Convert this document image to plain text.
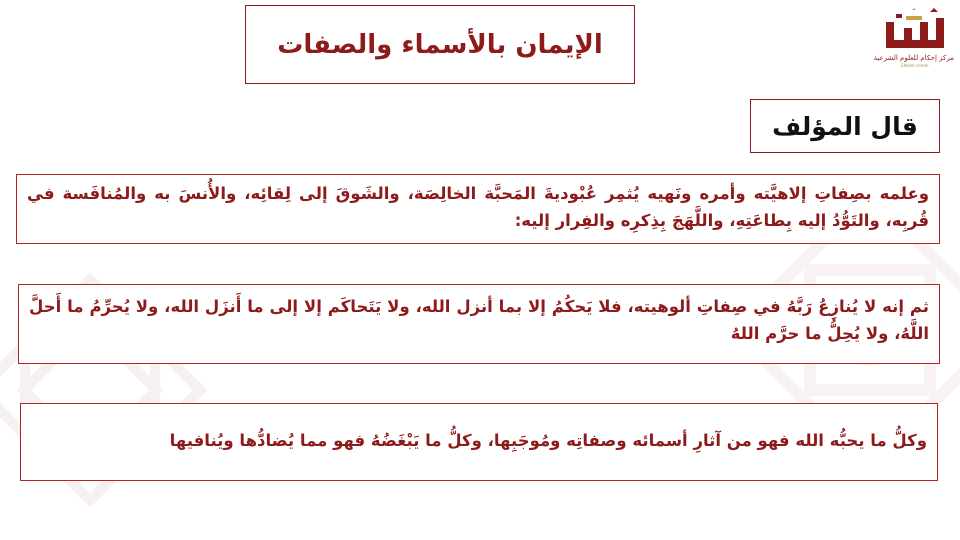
مركز إحكام للعلوم الشرعية
Ehkam center
الإيمان بالأسماء والصفات
قال المؤلف
وعلمه بصِفاتِ إلاهيَّته وأمره ونَهيه يُثمِر عُبْوديةَ المَحبَّة الخالِصَة، والشَوقَ إلى لِقائِه، والأُنسَ به والمُنافَسة في قُربِه، والتَوُّدُ إليه بِطاعَتِهِ، واللَّهَجَ بِذِكرِه والفِرار إليه:
ثم إنه لا يُنازِعُ رَبَّهُ في صِفاتِ ألوهيته، فلا يَحكُمُ إلا بما أنزل الله، ولا يَتَحاكَم إلا إلى ما أَنزَل الله، ولا يُحرِّمُ ما أَحلَّ اللَّهُ، ولا يُحِلُّ ما حرَّم اللهُ
وكلُّ ما يحبُّه الله فهو من آثارِ أسمائه وصفاتِه ومُوجَبِها، وكلُّ ما يَبْغَضُهُ فهو مما يُضادُّها ويُنافيها
